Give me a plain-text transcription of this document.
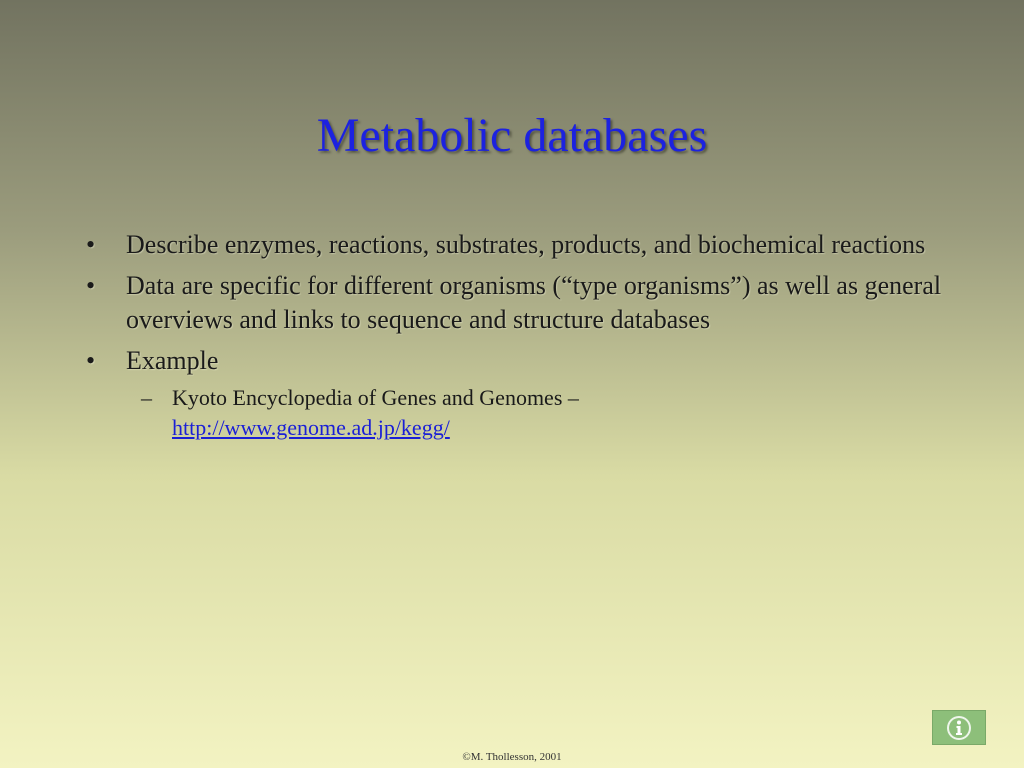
Metabolic databases
• Describe enzymes, reactions, substrates, products, and biochemical reactions
• Data are specific for different organisms (“type organisms”) as well as general overviews and links to sequence and structure databases
• Example
– Kyoto Encyclopedia of Genes and Genomes –
http://www.genome.ad.jp/kegg/
©M. Thollesson, 2001
